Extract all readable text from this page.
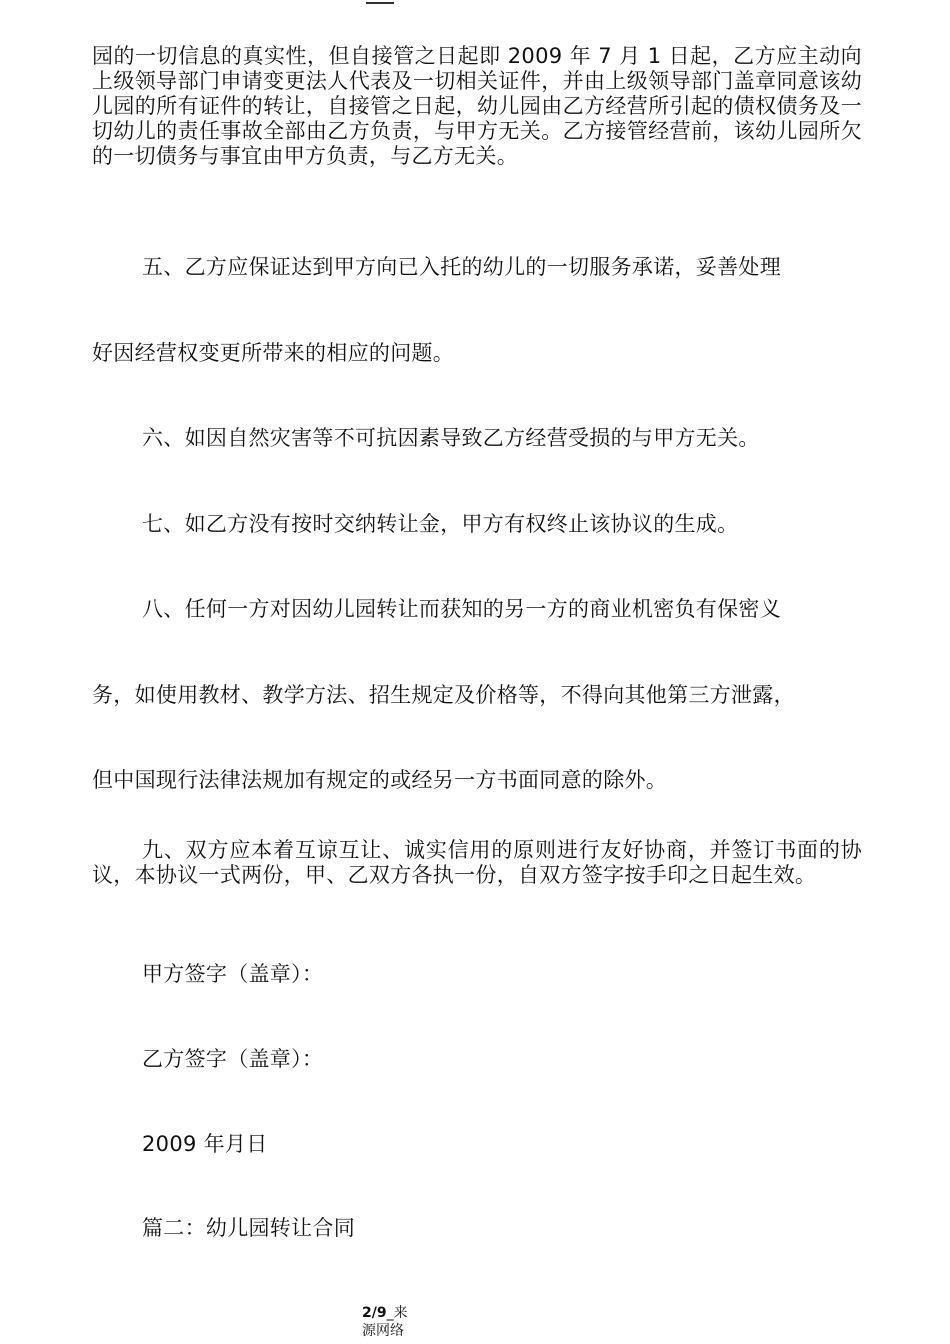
园的一切信息的真实性，但自接管之日起即 2009 年 7 月 1 日起，乙方应主动向上级领导部门申请变更法人代表及一切相关证件，并由上级领导部门盖章同意该幼儿园的所有证件的转让，自接管之日起，幼儿园由乙方经营所引起的债权债务及一切幼儿的责任事故全部由乙方负责，与甲方无关。乙方接管经营前，该幼儿园所欠的一切债务与事宜由甲方负责，与乙方无关。

五、乙方应保证达到甲方向已入托的幼儿的一切服务承诺，妥善处理

好因经营权变更所带来的相应的问题。

六、如因自然灾害等不可抗因素导致乙方经营受损的与甲方无关。

七、如乙方没有按时交纳转让金，甲方有权终止该协议的生成。

八、任何一方对因幼儿园转让而获知的另一方的商业机密负有保密义

务，如使用教材、教学方法、招生规定及价格等，不得向其他第三方泄露，

但中国现行法律法规加有规定的或经另一方书面同意的除外。

九、双方应本着互谅互让、诚实信用的原则进行友好协商，并签订书面的协议，本协议一式两份，甲、乙双方各执一份，自双方签字按手印之日起生效。

甲方签字（盖章）：

乙方签字（盖章）：

2009 年月日

篇二：幼儿园转让合同

2/9_来
源网络
